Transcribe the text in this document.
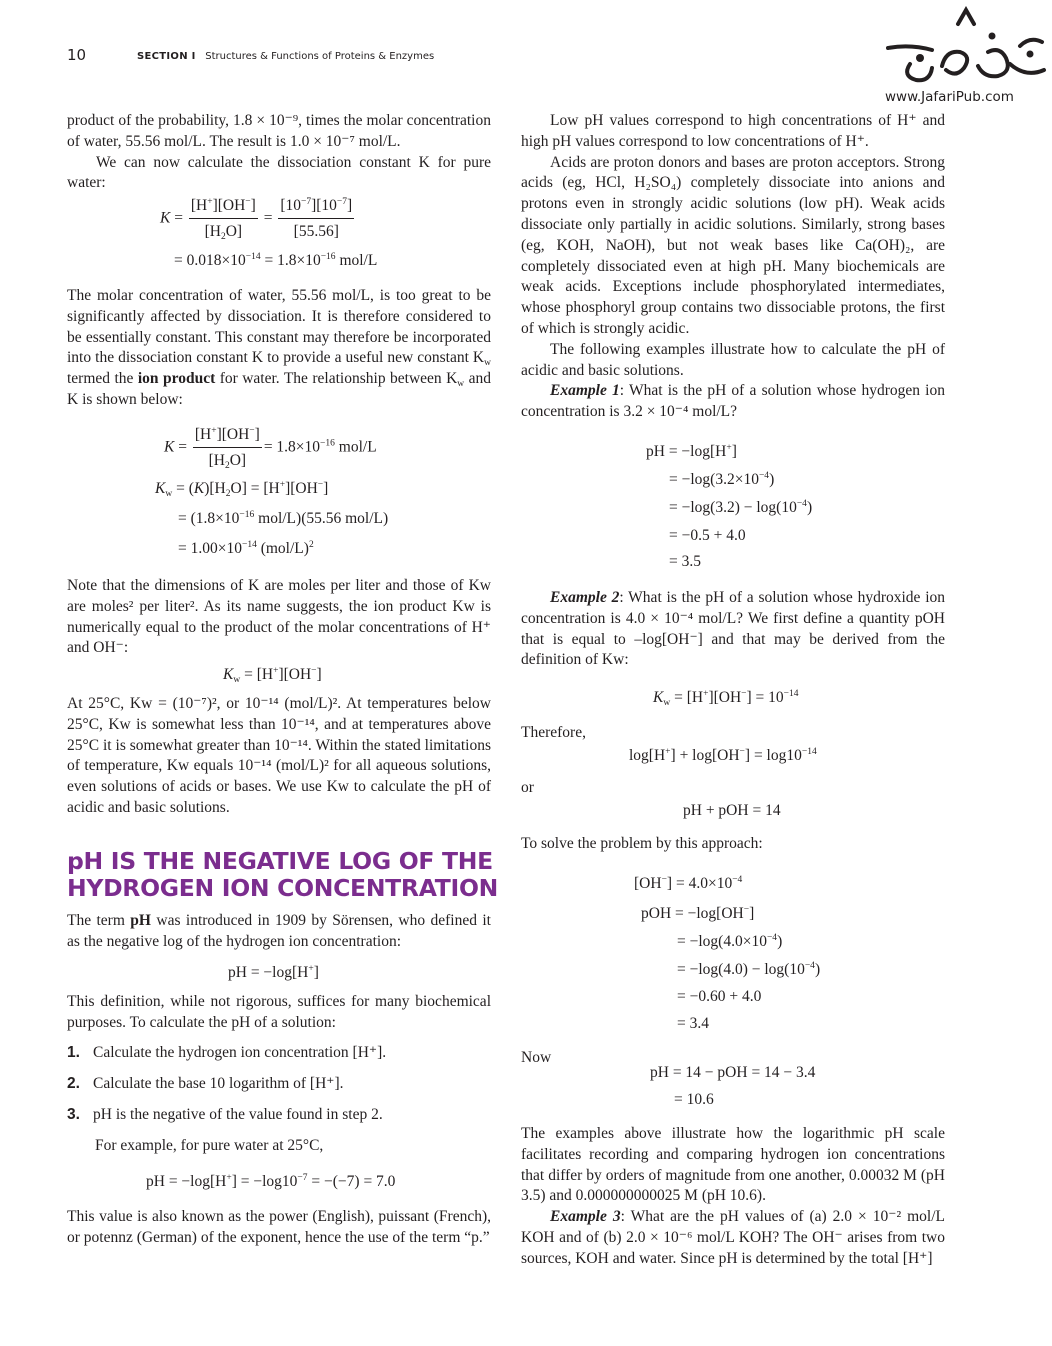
10	SECTION I Structures & Functions of Proteins & Enzymes
www.JafariPub.com

product of the probability, 1.8 × 10⁻⁹, times the molar concentration of water, 55.56 mol/L. The result is 1.0 × 10⁻⁷ mol/L.

We can now calculate the dissociation constant K for pure water:

$K = \frac{[H^+][OH^-]}{[H_2O]} = \frac{[10^{-7}][10^{-7}]}{[55.56]}$
= $0.018\times 10^{-14} = 1.8\times 10^{-16}$ mol/L

The molar concentration of water, 55.56 mol/L, is too great to be significantly affected by dissociation. It is therefore considered to be essentially constant. This constant may therefore be incorporated into the dissociation constant K to provide a useful new constant $K_w$ termed the ion product for water. The relationship between $K_w$ and K is shown below:

$K = \frac{[H^+][OH^-]}{[H_2O]} = 1.8\times 10^{-16}$ mol/L
$K_w = (K)[H_2O] = [H^+][OH^-]$
= ($1.8\times 10^{-16}$ mol/L)(55.56 mol/L)
= $1.00\times 10^{-14}$ $(mol/L)^2$

Note that the dimensions of K are moles per liter and those of Kw are moles² per liter². As its name suggests, the ion product Kw is numerically equal to the product of the molar concentrations of H⁺ and OH⁻:

$K_w = [H^+][OH^-]$

At 25°C, Kw = (10⁻⁷)², or 10⁻¹⁴ (mol/L)². At temperatures below 25°C, Kw is somewhat less than 10⁻¹⁴, and at temperatures above 25°C it is somewhat greater than 10⁻¹⁴. Within the stated limitations of temperature, Kw equals 10⁻¹⁴ (mol/L)² for all aqueous solutions, even solutions of acids or bases. We use Kw to calculate the pH of acidic and basic solutions.

pH IS THE NEGATIVE LOG OF THE HYDROGEN ION CONCENTRATION

The term pH was introduced in 1909 by Sörensen, who defined it as the negative log of the hydrogen ion concentration:

pH = −log[H+]

This definition, while not rigorous, suffices for many biochemical purposes. To calculate the pH of a solution:

1. Calculate the hydrogen ion concentration [H⁺].
2. Calculate the base 10 logarithm of [H⁺].
3. pH is the negative of the value found in step 2.
For example, for pure water at 25°C,
pH = $-\log[H^+] = -\log 10^{-7} = -(-7) = 7.0$

This value is also known as the power (English), puissant (French), or potennz (German) of the exponent, hence the use of the term “p.”

Low pH values correspond to high concentrations of H⁺ and high pH values correspond to low concentrations of H⁺.

Acids are proton donors and bases are proton acceptors. Strong acids (eg, HCl, H₂SO₄) completely dissociate into anions and protons even in strongly acidic solutions (low pH). Weak acids dissociate only partially in acidic solutions. Similarly, strong bases (eg, KOH, NaOH), but not weak bases like Ca(OH)₂, are completely dissociated even at high pH. Many biochemicals are weak acids. Exceptions include phosphorylated intermediates, whose phosphoryl group contains two dissociable protons, the first of which is strongly acidic.

The following examples illustrate how to calculate the pH of acidic and basic solutions.

Example 1: What is the pH of a solution whose hydrogen ion concentration is 3.2 × 10⁻⁴ mol/L?

pH = −log[H+]
= $-\log(3.2\times 10^{-4})$
= $-\log(3.2) - \log(10^{-4})$
= −0.5 + 4.0
= 3.5

Example 2: What is the pH of a solution whose hydroxide ion concentration is 4.0 × 10⁻⁴ mol/L? We first define a quantity pOH that is equal to –log[OH⁻] and that may be derived from the definition of Kw:

$K_w = [H^+][OH^-] = 10^{-14}$
Therefore,
$\log[H^+] + \log[OH^-] = \log 10^{-14}$
or
pH + pOH = 14
To solve the problem by this approach:
$[OH^-] = 4.0\times 10^{-4}$
pOH = −log[OH−]
= $-\log(4.0\times 10^{-4})$
= $-\log(4.0) - \log(10^{-4})$
= −0.60 + 4.0
= 3.4
Now
pH = 14 − pOH = 14 − 3.4
= 10.6

The examples above illustrate how the logarithmic pH scale facilitates recording and comparing hydrogen ion concentrations that differ by orders of magnitude from one another, 0.00032 M (pH 3.5) and 0.000000000025 M (pH 10.6).

Example 3: What are the pH values of (a) 2.0 × 10⁻² mol/L KOH and of (b) 2.0 × 10⁻⁶ mol/L KOH? The OH⁻ arises from two sources, KOH and water. Since pH is determined by the total [H⁺]
